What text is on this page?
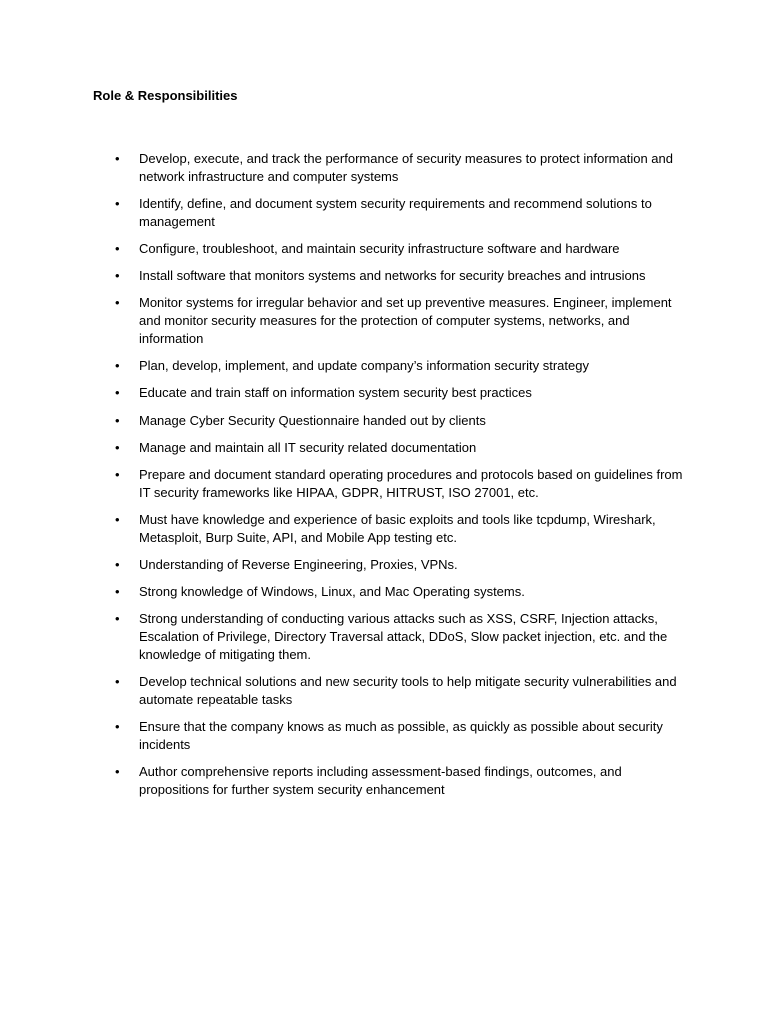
Role & Responsibilities
• Develop, execute, and track the performance of security measures to protect information and network infrastructure and computer systems
• Identify, define, and document system security requirements and recommend solutions to management
• Configure, troubleshoot, and maintain security infrastructure software and hardware
• Install software that monitors systems and networks for security breaches and intrusions
• Monitor systems for irregular behavior and set up preventive measures. Engineer, implement and monitor security measures for the protection of computer systems, networks, and information
• Plan, develop, implement, and update company’s information security strategy
• Educate and train staff on information system security best practices
• Manage Cyber Security Questionnaire handed out by clients
• Manage and maintain all IT security related documentation
• Prepare and document standard operating procedures and protocols based on guidelines from IT security frameworks like HIPAA, GDPR, HITRUST, ISO 27001, etc.
• Must have knowledge and experience of basic exploits and tools like tcpdump, Wireshark, Metasploit, Burp Suite, API, and Mobile App testing etc.
• Understanding of Reverse Engineering, Proxies, VPNs.
• Strong knowledge of Windows, Linux, and Mac Operating systems.
• Strong understanding of conducting various attacks such as XSS, CSRF, Injection attacks, Escalation of Privilege, Directory Traversal attack, DDoS, Slow packet injection, etc. and the knowledge of mitigating them.
• Develop technical solutions and new security tools to help mitigate security vulnerabilities and automate repeatable tasks
• Ensure that the company knows as much as possible, as quickly as possible about security incidents
• Author comprehensive reports including assessment-based findings, outcomes, and propositions for further system security enhancement
